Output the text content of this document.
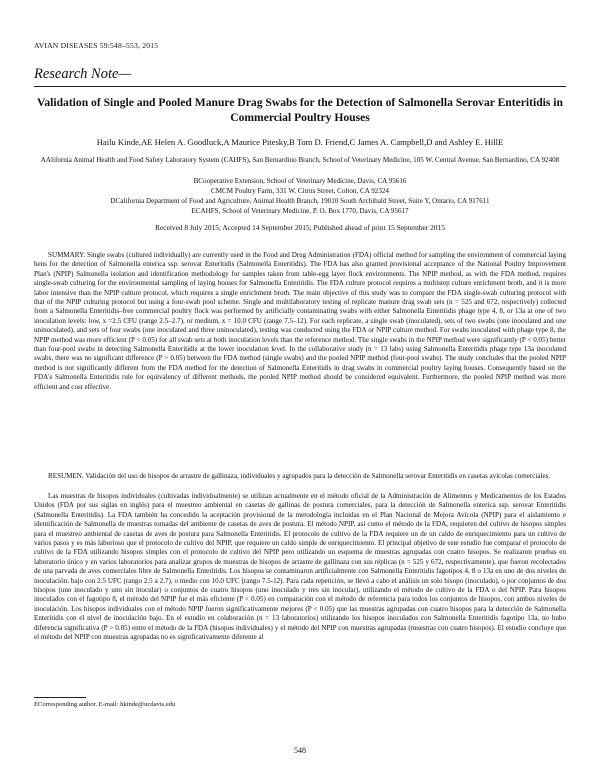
AVIAN DISEASES 59:548–553, 2015
Research Note—
Validation of Single and Pooled Manure Drag Swabs for the Detection of Salmonella Serovar Enteritidis in Commercial Poultry Houses
Hailu Kinde,AE Helen A. Goodluck,A Maurice Pitesky,B Tom D. Friend,C James A. Campbell,D and Ashley E. HillE
AAlifornia Animal Health and Food Safety Laboratory System (CAHFS), San Bernardino Branch, School of Veterinary Medicine, 105 W. Central Avenue, San Bernardino, CA 92408
BCooperative Extension, School of Veterinary Medicine, Davis, CA 95616
CMCM Poultry Farm, 331 W. Citrus Street, Colton, CA 92324
DCalifornia Department of Food and Agriculture, Animal Health Branch, 19010 South Archibald Street, Suite Y, Ontario, CA 917611
ECAHFS, School of Veterinary Medicine, P. O. Box 1770, Davis, CA 95617
Received 8 July 2015; Accepted 14 September 2015; Published ahead of print 15 September 2015
SUMMARY. Single swabs (cultured individually) are currently used in the Food and Drug Administration (FDA) official method for sampling the environment of commercial laying hens for the detection of Salmonella enterica ssp. serovar Enteritidis (Salmonella Enteritidis). The FDA has also granted provisional acceptance of the National Poultry Improvement Plan's (NPIP) Salmonella isolation and identification methodology for samples taken from table-egg layer flock environments. The NPIP method, as with the FDA method, requires single-swab culturing for the environmental sampling of laying houses for Salmonella Enteritidis. The FDA culture protocol requires a multistep culture enrichment broth, and it is more labor intensive than the NPIP culture protocol, which requires a single enrichment broth. The main objective of this study was to compare the FDA single-swab culturing protocol with that of the NPIP culturing protocol but using a four-swab pool scheme. Single and multilaboratory testing of replicate manure drag swab sets (n = 525 and 672, respectively) collected from a Salmonella Enteritidis–free commercial poultry flock was performed by artificially contaminating swabs with either Salmonella Enteritidis phage type 4, 8, or 13a at one of two inoculation levels: low, x =2.5 CFU (range 2.5–2.7), or medium, x = 10.0 CFU (range 7.5–12). For each replicate, a single swab (inoculated), sets of two swabs (one inoculated and one uninoculated), and sets of four swabs (one inoculated and three uninoculated), testing was conducted using the FDA or NPIP culture method. For swabs inoculated with phage type 8, the NPIP method was more efficient (P < 0.05) for all swab sets at both inoculation levels than the reference method. The single swabs in the NPIP method were significantly (P < 0.05) better than four-pool swabs in detecting Salmonella Enteritidis at the lower inoculation level. In the collaborative study (n = 13 labs) using Salmonella Enteritidis phage type 13a inoculated swabs, there was no significant difference (P > 0.05) between the FDA method (single swabs) and the pooled NPIP method (four-pool swabs). The study concludes that the pooled NPIP method is not significantly different from the FDA method for the detection of Salmonella Enteritidis in drag swabs in commercial poultry laying houses. Consequently based on the FDA's Salmonella Enteritidis rule for equivalency of different methods, the pooled NPIP method should be considered equivalent. Furthermore, the pooled NPIP method was more efficient and cost effective.
RESUMEN. Validación del uso de hisopos de arrastre de gallinaza, individuales y agrupados para la detección de Salmonella serovar Enteritidis en casetas avícolas comerciales.
Las muestras de hisopos individuales (cultivadas individualmente) se utilizan actualmente en el método oficial de la Administración de Alimentos y Medicamentos de los Estados Unidos (FDA por sus siglas en inglés) para el muestreo ambiental en casetas de gallinas de postura comerciales, para la detección de Salmonella enterica ssp. serovar Enteritidis (Salmonella Enteritidis). La FDA también ha concedido la aceptación provisional de la metodología incluidas en el Plan Nacional de Mejora Avícola (NPIP) para el aislamiento e identificación de Salmonella de muestras tomadas del ambiente de casetas de aves de postura. El método NPIP, así como el método de la FDA, requieren del cultivo de hisopos simples para el muestreo ambiental de casetas de aves de postura para Salmonella Enteritidis. El protocolo de cultivo de la FDA requiere un de un caldo de enriquecimiento para un cultivo de varios pasos y es más laborioso que el protocolo de cultivo del NPIP, que requiere un caldo simple de enriquecimiento. El principal objetivo de este estudio fue comparar el protocolo de cultivo de la FDA utilizando hisopos simples con el protocolo de cultivo del NPIP pero utilizando un esquema de muestras agrupadas con cuatro hisopos. Se realizaron pruebas en laboratorio único y en varios laboratorios para analizar grupos de muestras de hisopos de arrastre de gallinaza con sus réplicas (n = 525 y 672, respectivamente), que fueron recolectados de una parvada de aves comerciales libre de Salmonella Enteritidis. Los hisopos se contaminaron artificialmente con Salmonella Enteritidis fagotipos 4, 8 o 13a en uno de dos niveles de inoculación: bajo con 2.5 UFC (rango 2.5 a 2.7), o medio con 10.0 UFC (rango 7.5-12). Para cada repetición, se llevó a cabo el análisis un solo hisopo (inoculado), o por conjuntos de dos hisopos (uno inoculado y uno sin inocular) o conjuntos de cuatro hisopos (uno inoculado y tres sin inocular), utilizando el método de cultivo de la FDA o del NPIP. Para hisopos inoculados con el fagotipo 8, el método del NPIP fue el más eficiente (P < 0.05) en comparación con el método de referencia para todos los conjuntos de hisopos, con ambos niveles de inoculación. Los hisopos individuales con el método NPIP fueron significativamente mejores (P < 0.05) que las muestras agrupadas con cuatro hisopos para la detección de Salmonella Enteritidis con el nivel de inoculación bajo. En el estudio en colaboración (n = 13 laboratorios) utilizando los hisopos inoculados con Salmonella Enteritidis fagotipo 13a, no hubo diferencia significativa (P > 0.05) entre el método de la FDA (hisopos individuales) y el método del NPIP con muestras agrupadas (muestras con cuatro hisopos). El estudio concluye que el método del NPIP con muestras agrupadas no es significativamente diferente al
ECorresponding author. E-mail: hkinde@ucdavis.edu
548
